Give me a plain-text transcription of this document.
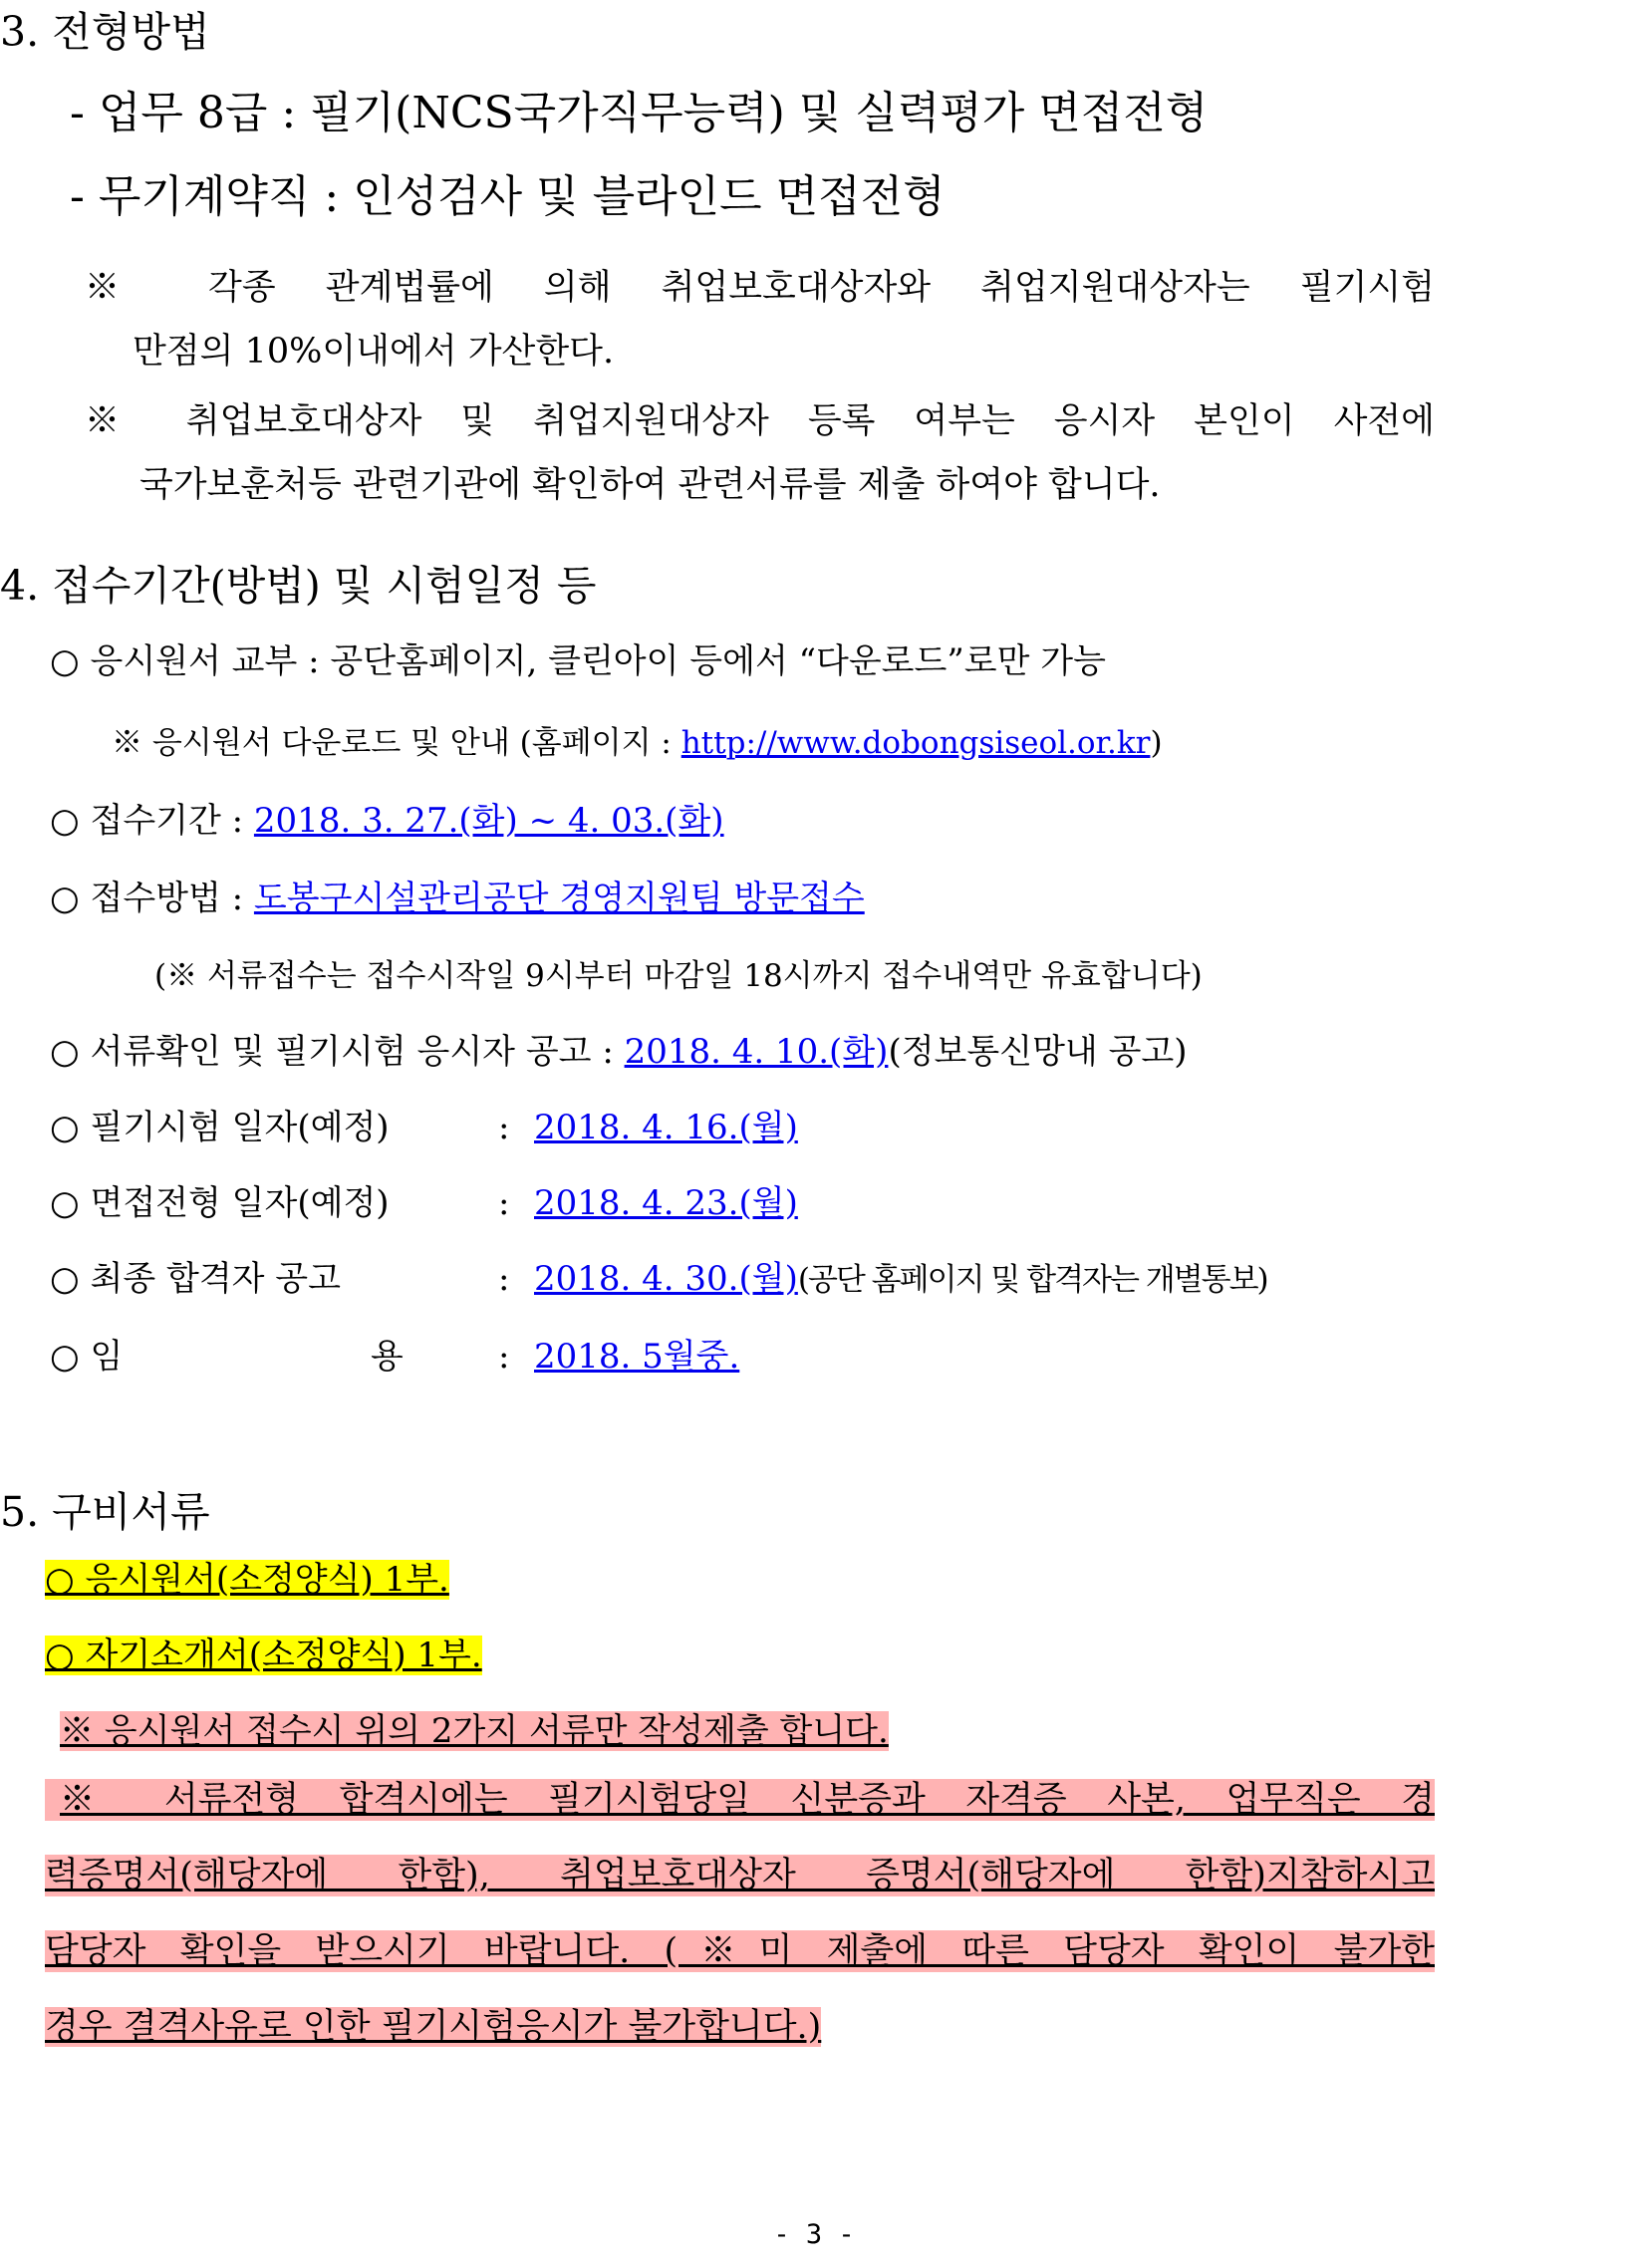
3. 전형방법
- 업무 8급 : 필기(NCS국가직무능력) 및 실력평가 면접전형
- 무기계약직 : 인성검사 및 블라인드 면접전형
※ 각종 관계법률에 의해 취업보호대상자와 취업지원대상자는 필기시험
만점의 10%이내에서 가산한다.
※ 취업보호대상자 및 취업지원대상자 등록 여부는 응시자 본인이 사전에
국가보훈처등 관련기관에 확인하여 관련서류를 제출 하여야 합니다.
4. 접수기간(방법) 및 시험일정 등
○ 응시원서 교부 : 공단홈페이지, 클린아이 등에서 “다운로드”로만 가능
※ 응시원서 다운로드 및 안내 (홈페이지 : http://www.dobongsiseol.or.kr)
○ 접수기간 : 2018. 3. 27.(화) ~ 4. 03.(화)
○ 접수방법 : 도봉구시설관리공단 경영지원팀 방문접수
(※ 서류접수는 접수시작일 9시부터 마감일 18시까지 접수내역만 유효합니다)
○ 서류확인 및 필기시험 응시자 공고 : 2018. 4. 10.(화)(정보통신망내 공고)
○ 필기시험 일자(예정)	: 2018. 4. 16.(월)
○ 면접전형 일자(예정)	: 2018. 4. 23.(월)
○ 최종 합격자 공고	: 2018. 4. 30.(월)(공단 홈페이지 및 합격자는 개별통보)
○ 임	용	: 2018. 5월중.
5. 구비서류
○ 응시원서(소정양식) 1부.
○ 자기소개서(소정양식) 1부.
※ 응시원서 접수시 위의 2가지 서류만 작성제출 합니다.
※ 서류전형 합격시에는 필기시험당일 신분증과 자격증 사본, 업무직은 경
력증명서(해당자에 한함), 취업보호대상자 증명서(해당자에 한함)지참하시고
담당자 확인을 받으시기 바랍니다. (※미 제출에 따른 담당자 확인이 불가한
경우 결격사유로 인한 필기시험응시가 불가합니다.)
- 3 -
